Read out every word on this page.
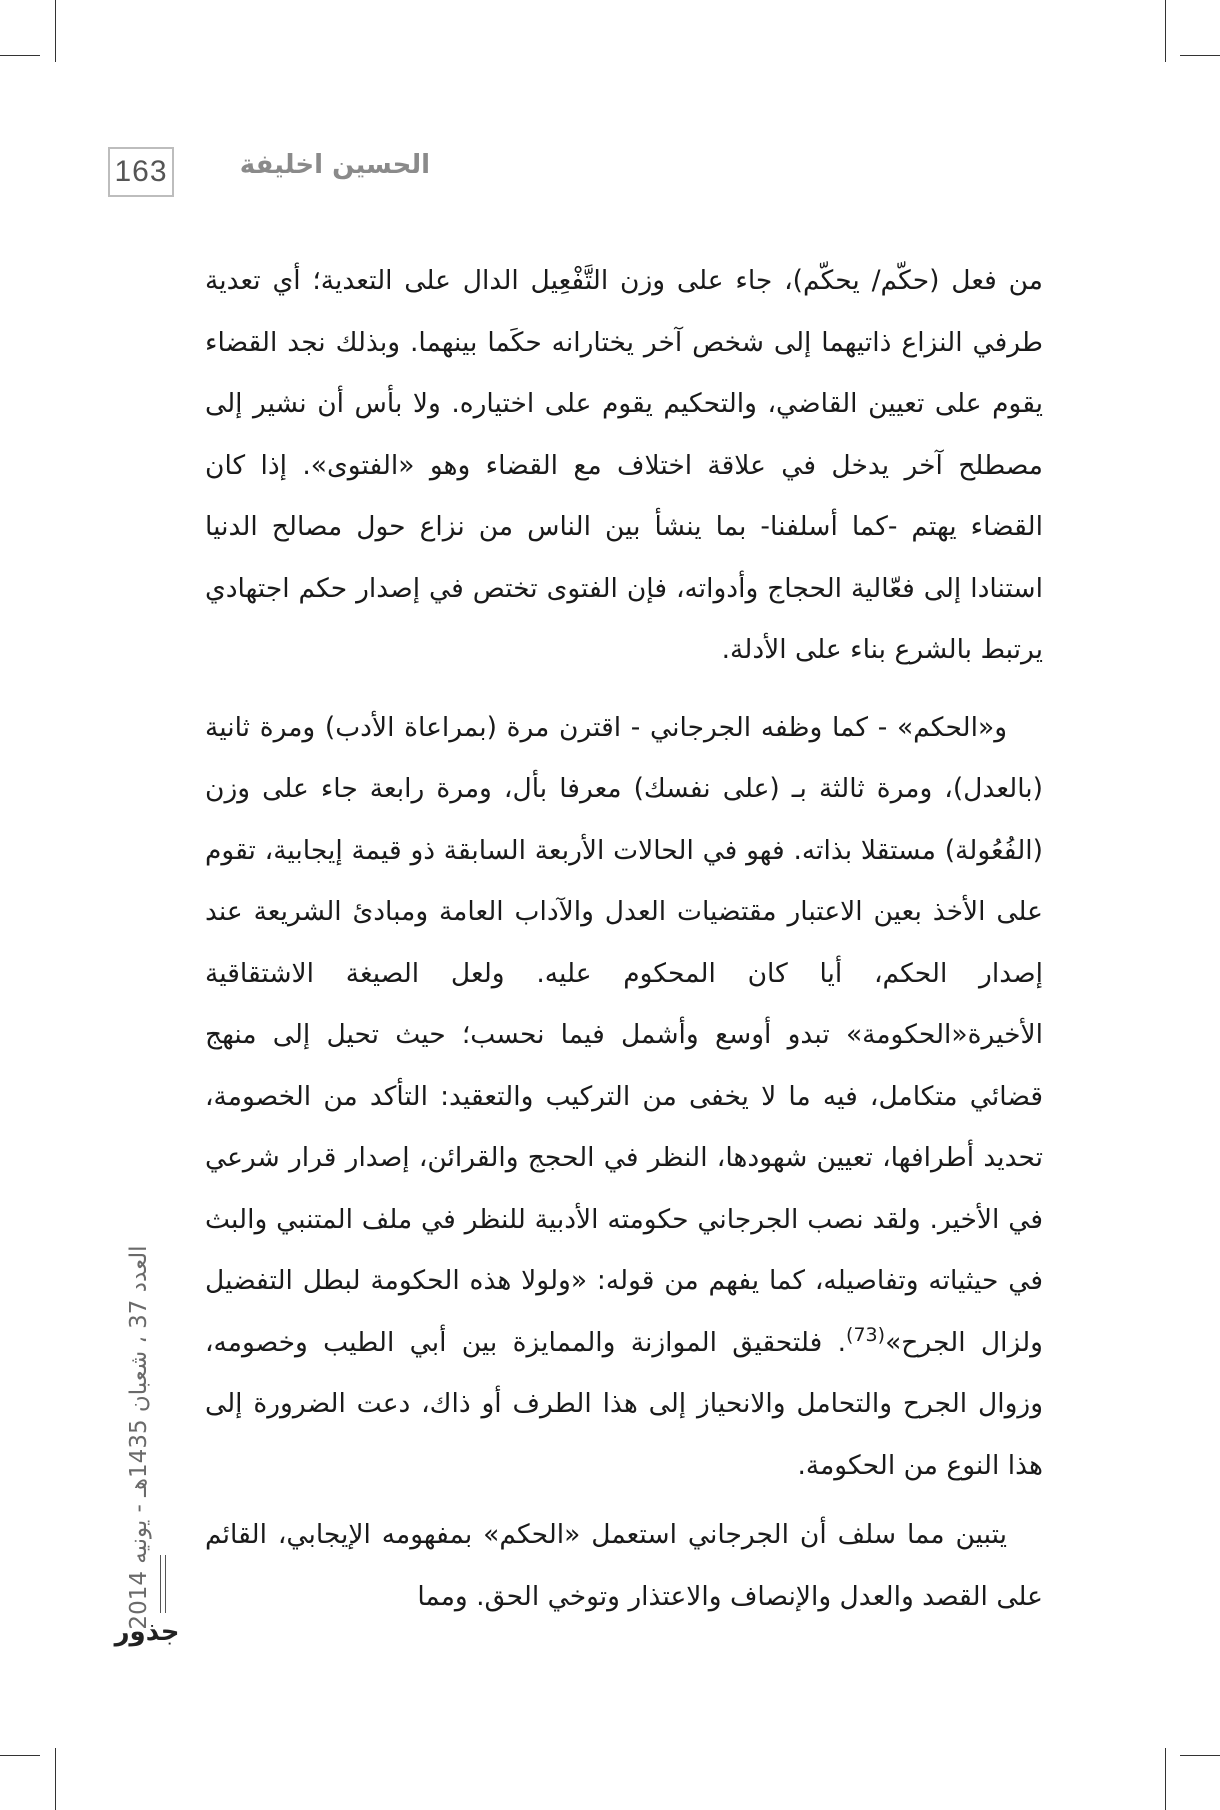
163	الحسين اخليفة

من فعل (حكّم/ يحكّم)، جاء على وزن التَّفْعِيل الدال على التعدية؛ أي تعدية طرفي النزاع ذاتيهما إلى شخص آخر يختارانه حكَما بينهما. وبذلك نجد القضاء يقوم على تعيين القاضي، والتحكيم يقوم على اختياره. ولا بأس أن نشير إلى مصطلح آخر يدخل في علاقة اختلاف مع القضاء وهو «الفتوى». إذا كان القضاء يهتم -كما أسلفنا- بما ينشأ بين الناس من نزاع حول مصالح الدنيا استنادا إلى فعّالية الحجاج وأدواته، فإن الفتوى تختص في إصدار حكم اجتهادي يرتبط بالشرع بناء على الأدلة.

و«الحكم» - كما وظفه الجرجاني - اقترن مرة (بمراعاة الأدب) ومرة ثانية (بالعدل)، ومرة ثالثة بـ (على نفسك) معرفا بأل، ومرة رابعة جاء على وزن (الفُعُولة) مستقلا بذاته. فهو في الحالات الأربعة السابقة ذو قيمة إيجابية، تقوم على الأخذ بعين الاعتبار مقتضيات العدل والآداب العامة ومبادئ الشريعة عند إصدار الحكم، أيا كان المحكوم عليه. ولعل الصيغة الاشتقاقية الأخيرة«الحكومة» تبدو أوسع وأشمل فيما نحسب؛ حيث تحيل إلى منهج قضائي متكامل، فيه ما لا يخفى من التركيب والتعقيد: التأكد من الخصومة، تحديد أطرافها، تعيين شهودها، النظر في الحجج والقرائن، إصدار قرار شرعي في الأخير. ولقد نصب الجرجاني حكومته الأدبية للنظر في ملف المتنبي والبث في حيثياته وتفاصيله، كما يفهم من قوله: «ولولا هذه الحكومة لبطل التفضيل ولزال الجرح»$^{(73)}$. فلتحقيق الموازنة والممايزة بين أبي الطيب وخصومه، وزوال الجرح والتحامل والانحياز إلى هذا الطرف أو ذاك، دعت الضرورة إلى هذا النوع من الحكومة.

يتبين مما سلف أن الجرجاني استعمل «الحكم» بمفهومه الإيجابي، القائم على القصد والعدل والإنصاف والاعتذار وتوخي الحق. ومما

العدد 37 ، شعبان 1435هـ - يونيه 2014
جذور
